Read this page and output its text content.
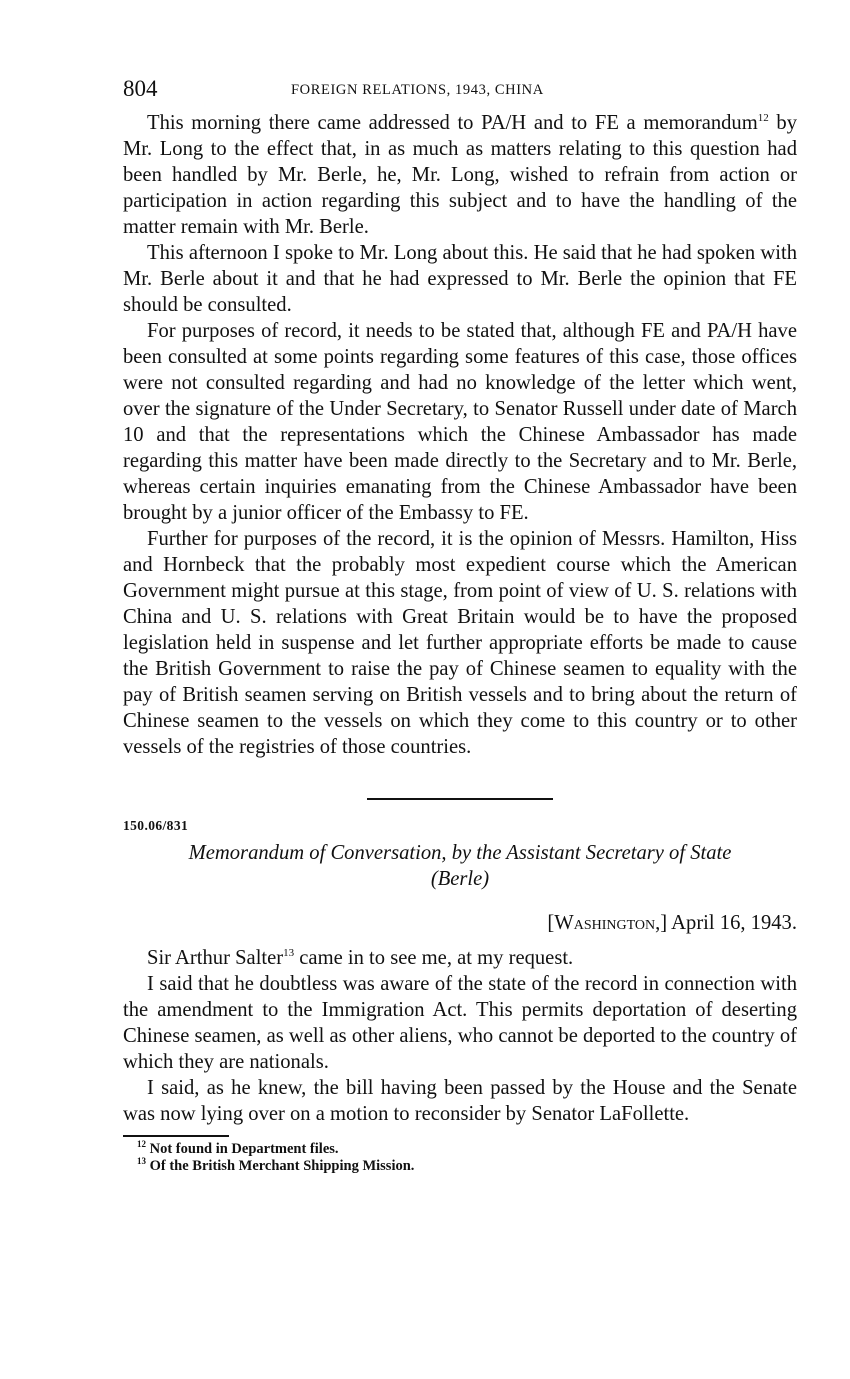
804	FOREIGN RELATIONS, 1943, CHINA

This morning there came addressed to PA/H and to FE a memorandum$^{12}$ by Mr. Long to the effect that, in as much as matters relating to this question had been handled by Mr. Berle, he, Mr. Long, wished to refrain from action or participation in action regarding this subject and to have the handling of the matter remain with Mr. Berle.

This afternoon I spoke to Mr. Long about this. He said that he had spoken with Mr. Berle about it and that he had expressed to Mr. Berle the opinion that FE should be consulted.

For purposes of record, it needs to be stated that, although FE and PA/H have been consulted at some points regarding some features of this case, those offices were not consulted regarding and had no knowledge of the letter which went, over the signature of the Under Secretary, to Senator Russell under date of March 10 and that the representations which the Chinese Ambassador has made regarding this matter have been made directly to the Secretary and to Mr. Berle, whereas certain inquiries emanating from the Chinese Ambassador have been brought by a junior officer of the Embassy to FE.

Further for purposes of the record, it is the opinion of Messrs. Hamilton, Hiss and Hornbeck that the probably most expedient course which the American Government might pursue at this stage, from point of view of U. S. relations with China and U. S. relations with Great Britain would be to have the proposed legislation held in suspense and let further appropriate efforts be made to cause the British Government to raise the pay of Chinese seamen to equality with the pay of British seamen serving on British vessels and to bring about the return of Chinese seamen to the vessels on which they come to this country or to other vessels of the registries of those countries.

150.06/831
Memorandum of Conversation, by the Assistant Secretary of State
(Berle)
[Washington,] April 16, 1943.

Sir Arthur Salter$^{13}$ came in to see me, at my request.

I said that he doubtless was aware of the state of the record in connection with the amendment to the Immigration Act. This permits deportation of deserting Chinese seamen, as well as other aliens, who cannot be deported to the country of which they are nationals.

I said, as he knew, the bill having been passed by the House and the Senate was now lying over on a motion to reconsider by Senator LaFollette.

$^{12}$ Not found in Department files.

$^{13}$ Of the British Merchant Shipping Mission.
